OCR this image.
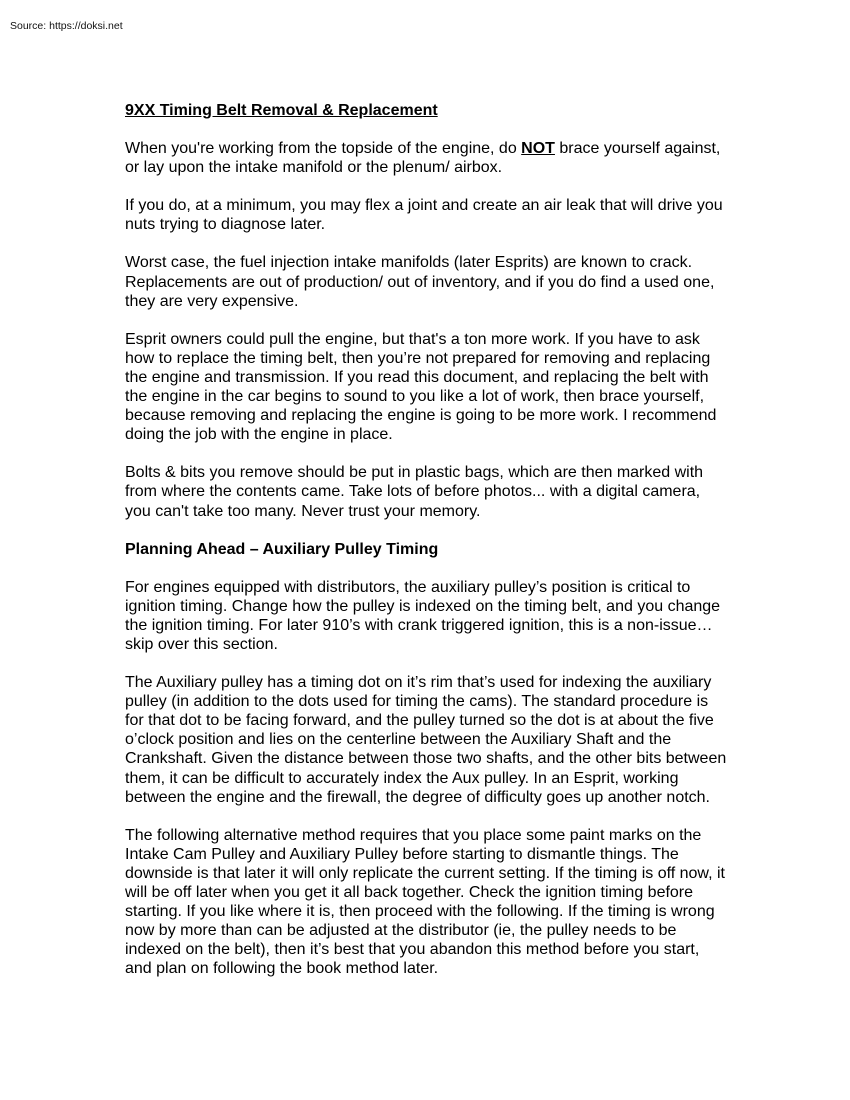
Source: https://doksi.net
9XX Timing Belt Removal & Replacement

When you're working from the topside of the engine, do NOT brace yourself against, or lay upon the intake manifold or the plenum/ airbox.

If you do, at a minimum, you may flex a joint and create an air leak that will drive you nuts trying to diagnose later.

Worst case, the fuel injection intake manifolds (later Esprits) are known to crack. Replacements are out of production/ out of inventory, and if you do find a used one, they are very expensive.

Esprit owners could pull the engine, but that's a ton more work. If you have to ask how to replace the timing belt, then you’re not prepared for removing and replacing the engine and transmission. If you read this document, and replacing the belt with the engine in the car begins to sound to you like a lot of work, then brace yourself, because removing and replacing the engine is going to be more work. I recommend doing the job with the engine in place.

Bolts & bits you remove should be put in plastic bags, which are then marked with from where the contents came. Take lots of before photos... with a digital camera, you can't take too many. Never trust your memory.

Planning Ahead – Auxiliary Pulley Timing

For engines equipped with distributors, the auxiliary pulley’s position is critical to ignition timing. Change how the pulley is indexed on the timing belt, and you change the ignition timing. For later 910’s with crank triggered ignition, this is a non-issue… skip over this section.

The Auxiliary pulley has a timing dot on it’s rim that’s used for indexing the auxiliary pulley (in addition to the dots used for timing the cams). The standard procedure is for that dot to be facing forward, and the pulley turned so the dot is at about the five o’clock position and lies on the centerline between the Auxiliary Shaft and the Crankshaft. Given the distance between those two shafts, and the other bits between them, it can be difficult to accurately index the Aux pulley. In an Esprit, working between the engine and the firewall, the degree of difficulty goes up another notch.

The following alternative method requires that you place some paint marks on the Intake Cam Pulley and Auxiliary Pulley before starting to dismantle things. The downside is that later it will only replicate the current setting. If the timing is off now, it will be off later when you get it all back together. Check the ignition timing before starting. If you like where it is, then proceed with the following. If the timing is wrong now by more than can be adjusted at the distributor (ie, the pulley needs to be indexed on the belt), then it’s best that you abandon this method before you start, and plan on following the book method later.
